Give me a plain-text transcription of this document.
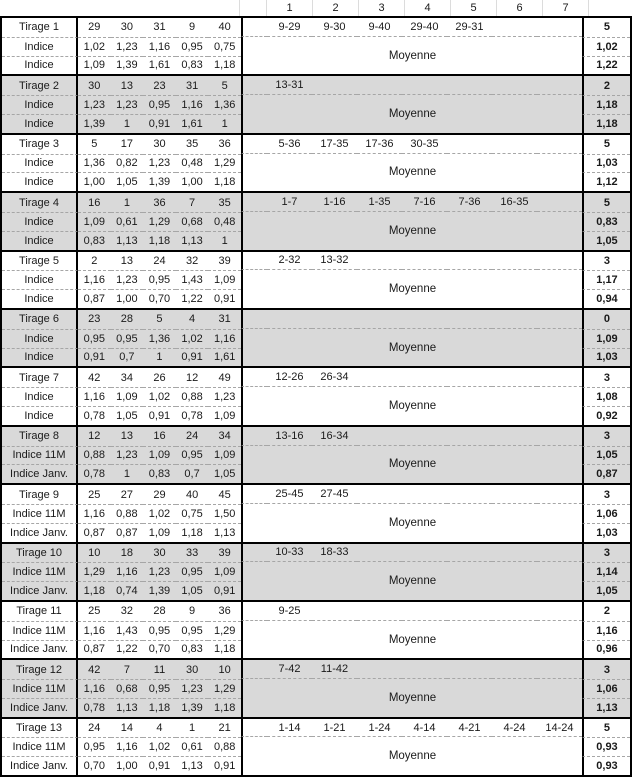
1	2	3	4	5	6	7
Tirage 1	29	30	31	9	40	9-29	9-30	9-40	29-40	29-31	5
Moyenne
Indice	1,02	1,23	1,16	0,95	0,75	1,02
Indice	1,09	1,39	1,61	0,83	1,18	1,22
Tirage 2	30	13	23	31	5	13-31	2
Moyenne
Indice	1,23	1,23	0,95	1,16	1,36	1,18
Indice	1,39	1	0,91	1,61	1	1,18
Tirage 3	5	17	30	35	36	5-36	17-35	17-36	30-35	5
Moyenne
Indice	1,36	0,82	1,23	0,48	1,29	1,03
Indice	1,00	1,05	1,39	1,00	1,18	1,12
Tirage 4	16	1	36	7	35	1-7	1-16	1-35	7-16	7-36	16-35	5
Moyenne
Indice	1,09	0,61	1,29	0,68	0,48	0,83
Indice	0,83	1,13	1,18	1,13	1	1,05
Tirage 5	2	13	24	32	39	2-32	13-32	3
Moyenne
Indice	1,16	1,23	0,95	1,43	1,09	1,17
Indice	0,87	1,00	0,70	1,22	0,91	0,94
Tirage 6	23	28	5	4	31	0
Moyenne
Indice	0,95	0,95	1,36	1,02	1,16	1,09
Indice	0,91	0,7	1	0,91	1,61	1,03
Tirage 7	42	34	26	12	49	12-26	26-34	3
Moyenne
Indice	1,16	1,09	1,02	0,88	1,23	1,08
Indice	0,78	1,05	0,91	0,78	1,09	0,92
Tirage 8	12	13	16	24	34	13-16	16-34	3
Moyenne
Indice 11M	0,88	1,23	1,09	0,95	1,09	1,05
Indice Janv.	0,78	1	0,83	0,7	1,05	0,87
Tirage 9	25	27	29	40	45	25-45	27-45	3
Moyenne
Indice 11M	1,16	0,88	1,02	0,75	1,50	1,06
Indice Janv.	0,87	0,87	1,09	1,18	1,13	1,03
Tirage 10	10	18	30	33	39	10-33	18-33	3
Moyenne
Indice 11M	1,29	1,16	1,23	0,95	1,09	1,14
Indice Janv.	1,18	0,74	1,39	1,05	0,91	1,05
Tirage 11	25	32	28	9	36	9-25	2
Moyenne
Indice 11M	1,16	1,43	0,95	0,95	1,29	1,16
Indice Janv.	0,87	1,22	0,70	0,83	1,18	0,96
Tirage 12	42	7	11	30	10	7-42	11-42	3
Moyenne
Indice 11M	1,16	0,68	0,95	1,23	1,29	1,06
Indice Janv.	0,78	1,13	1,18	1,39	1,18	1,13
Tirage 13	24	14	4	1	21	1-14	1-21	1-24	4-14	4-21	4-24	14-24	5
Moyenne
Indice 11M	0,95	1,16	1,02	0,61	0,88	0,93
Indice Janv.	0,70	1,00	0,91	1,13	0,91	0,93
